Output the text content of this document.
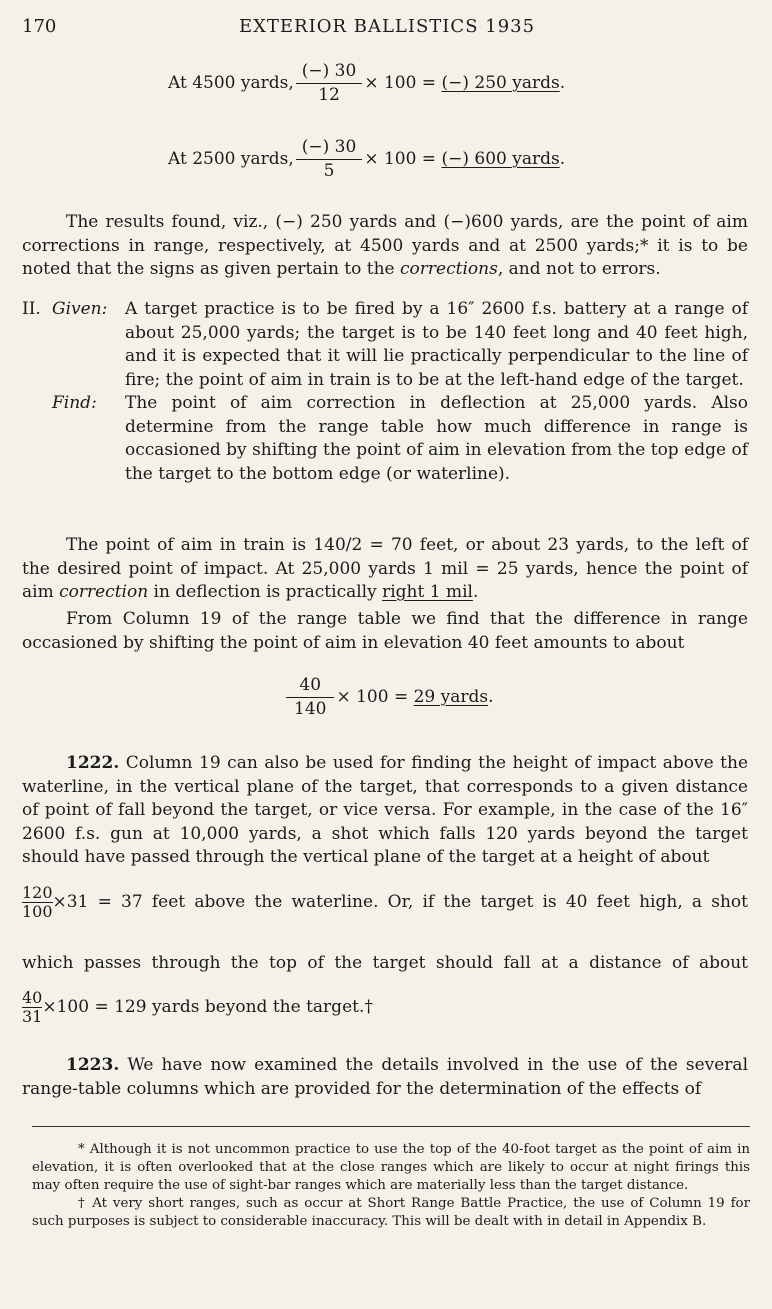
170	EXTERIOR BALLISTICS 1935
At 4500 yards, $\frac{(-) 30}{12} \times 100$ =
(−) 250 yards .
At 2500 yards, $\frac{(-) 30}{5} \times 100$ =
(−) 600 yards .

The results found, viz., (−) 250 yards and (−)600 yards, are the point of aim corrections in range, respectively, at 4500 yards and at 2500 yards;* it is to be noted that the signs as given pertain to the corrections, and not to errors.

II. Given:	A target practice is to be fired by a 16″ 2600 f.s. battery at a range of about 25,000 yards; the target is to be 140 feet long and 40 feet high, and it is expected that it will lie practically perpendicular to the line of fire; the point of aim in train is to be at the left-hand edge of the target.
Find:	The point of aim correction in deflection at 25,000 yards. Also determine from the range table how much difference in range is occasioned by shifting the point of aim in elevation from the top edge of the target to the bottom edge (or waterline).

The point of aim in train is 140/2 = 70 feet, or about 23 yards, to the left of the desired point of impact. At 25,000 yards 1 mil = 25 yards, hence the point of aim correction in deflection is practically right 1 mil.

From Column 19 of the range table we find that the difference in range occasioned by shifting the point of aim in elevation 40 feet amounts to about

$\frac{40}{140} \times 100$ =
29 yards .

1222. Column 19 can also be used for finding the height of impact above the waterline, in the vertical plane of the target, that corresponds to a given distance of point of fall beyond the target, or vice versa. For example, in the case of the 16″ 2600 f.s. gun at 10,000 yards, a shot which falls 120 yards beyond the target should have passed through the vertical plane of the target at a height of about

$\frac{120}{100} \times 31 = 37$ feet above the waterline. Or, if the target is 40 feet high, a shot

which passes through the top of the target should fall at a distance of about

$\frac{40}{31} \times 100 = 129$ yards beyond the target.†

1223. We have now examined the details involved in the use of the several range-table columns which are provided for the determination of the effects of

* Although it is not uncommon practice to use the top of the 40-foot target as the point of aim in elevation, it is often overlooked that at the close ranges which are likely to occur at night firings this may often require the use of sight-bar ranges which are materially less than the target distance.

† At very short ranges, such as occur at Short Range Battle Practice, the use of Column 19 for such purposes is subject to considerable inaccuracy. This will be dealt with in detail in Appendix B.
